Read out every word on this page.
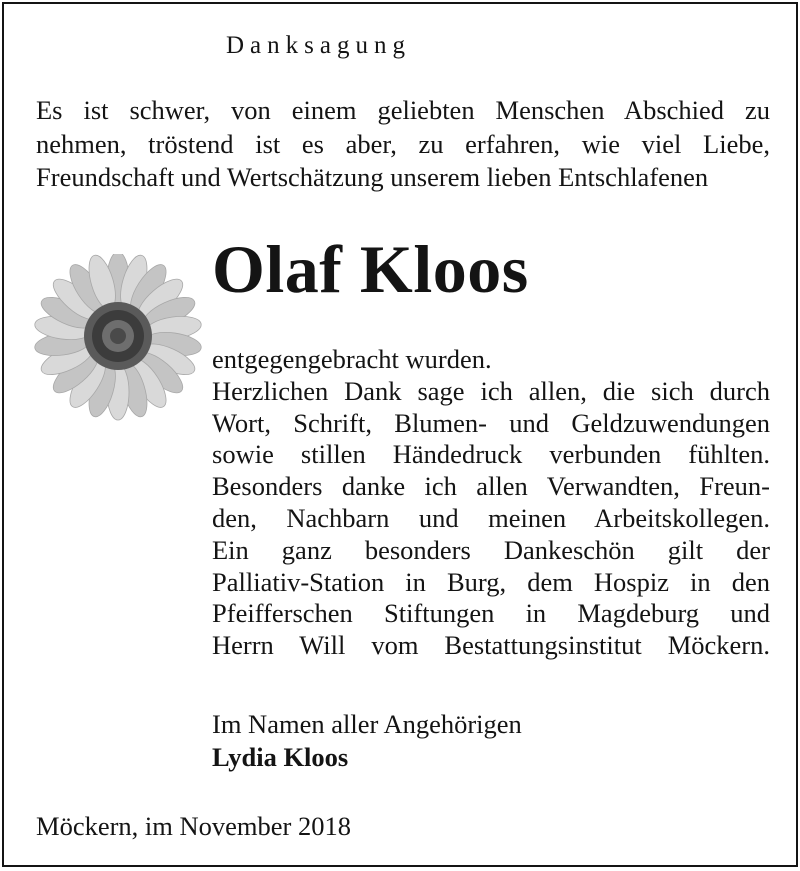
Danksagung
Es ist schwer, von einem geliebten Menschen Abschied zu
nehmen, tröstend ist es aber, zu erfahren, wie viel Liebe,
Freundschaft und Wertschätzung unserem lieben Entschlafenen
Olaf Kloos
entgegengebracht wurden.
Herzlichen Dank sage ich allen, die sich durch
Wort, Schrift, Blumen- und Geldzuwendungen
sowie stillen Händedruck verbunden fühlten.
Besonders danke ich allen Verwandten, Freun-
den, Nachbarn und meinen Arbeitskollegen.
Ein ganz besonders Dankeschön gilt der
Palliativ-Station in Burg, dem Hospiz in den
Pfeifferschen Stiftungen in Magdeburg und
Herrn Will vom Bestattungsinstitut Möckern.
Im Namen aller Angehörigen
Lydia Kloos
Möckern, im November 2018
